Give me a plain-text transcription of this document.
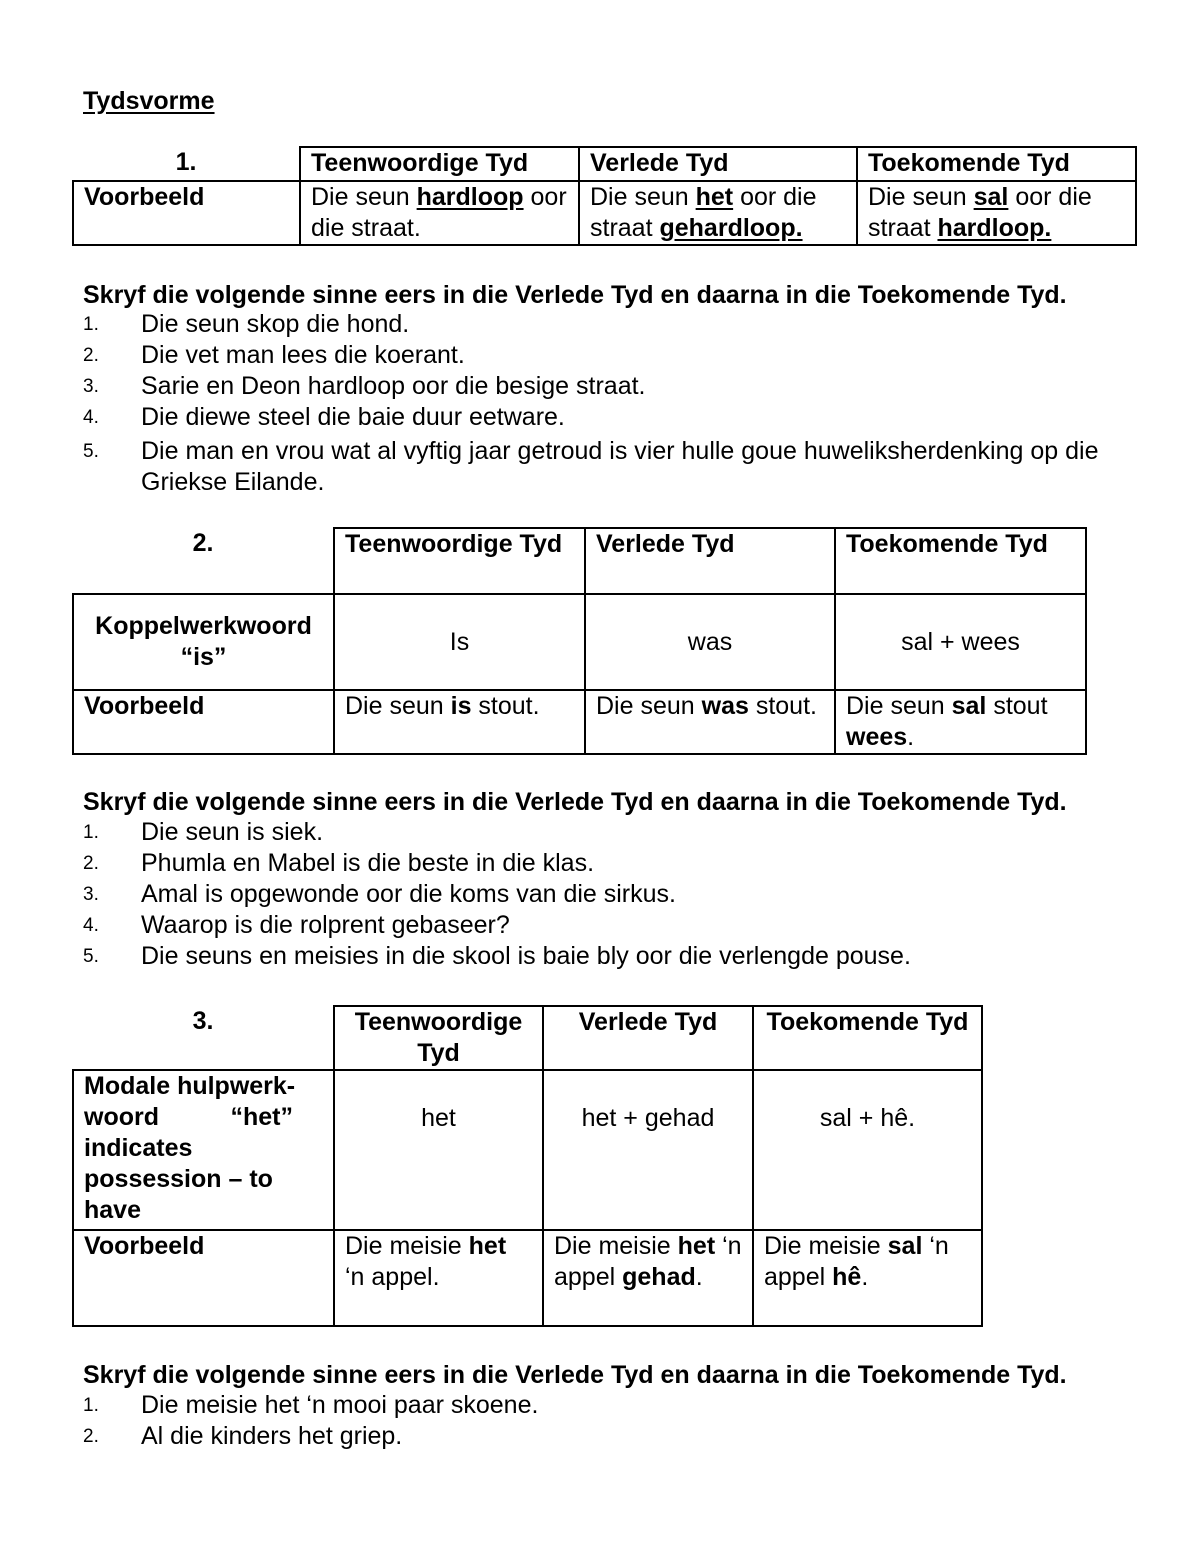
Tydsvorme
1.	Teenwoordige Tyd	Verlede Tyd	Toekomende Tyd
Voorbeeld	Die seun hardloop oor die straat.	Die seun het oor die straat gehardloop.	Die seun sal oor die straat hardloop.
Skryf die volgende sinne eers in die Verlede Tyd en daarna in die Toekomende Tyd.
1. Die seun skop die hond.
2. Die vet man lees die koerant.
3. Sarie en Deon hardloop oor die besige straat.
4. Die diewe steel die baie duur eetware.
5. Die man en vrou wat al vyftig jaar getroud is vier hulle goue huweliksherdenking op die Griekse Eilande.
2.	Teenwoordige Tyd	Verlede Tyd	Toekomende Tyd
Koppelwerkwoord “is”	Is	was	sal + wees
Voorbeeld	Die seun is stout.	Die seun was stout.	Die seun sal stout wees.
Skryf die volgende sinne eers in die Verlede Tyd en daarna in die Toekomende Tyd.
1. Die seun is siek.
2. Phumla en Mabel is die beste in die klas.
3. Amal is opgewonde oor die koms van die sirkus.
4. Waarop is die rolprent gebaseer?
5. Die seuns en meisies in die skool is baie bly oor die verlengde pouse.
3.	Teenwoordige Tyd	Verlede Tyd	Toekomende Tyd

Modale hulpwerk-
woord “het”
indicates possession – to have	het	het + gehad	sal + hê.
Voorbeeld	Die meisie het ‘n appel.	Die meisie het ‘n appel gehad.	Die meisie sal ‘n appel hê.
Skryf die volgende sinne eers in die Verlede Tyd en daarna in die Toekomende Tyd.
1. Die meisie het ‘n mooi paar skoene.
2. Al die kinders het griep.
